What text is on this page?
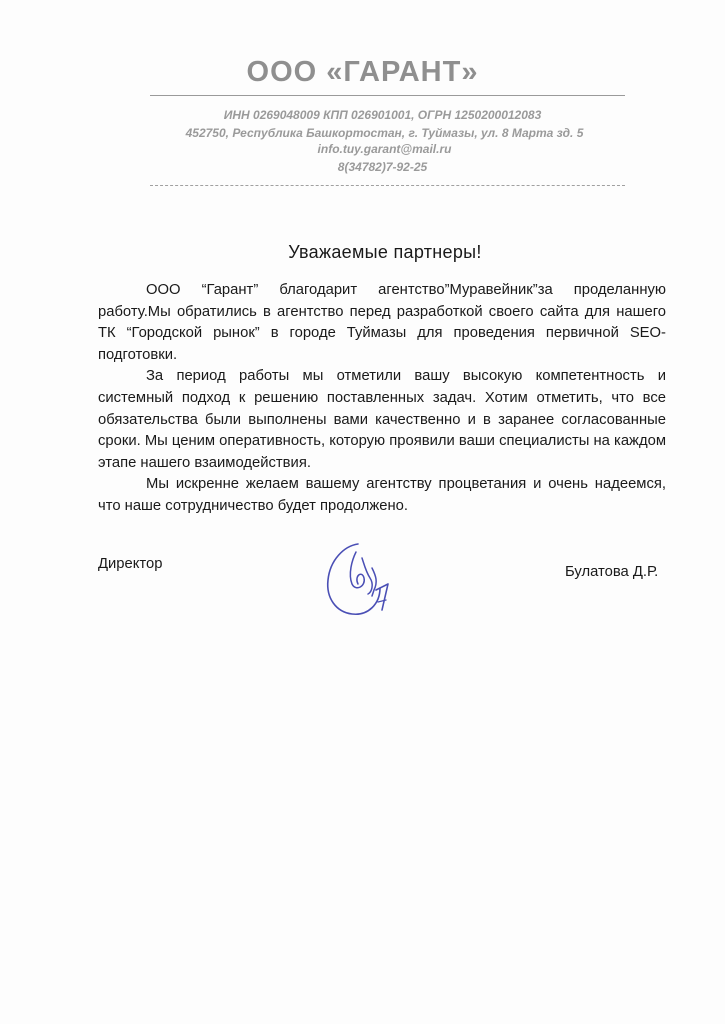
ООО «ГАРАНТ»
ИНН 0269048009 КПП 026901001, ОГРН 1250200012083
452750, Республика Башкортостан, г. Туймазы, ул. 8 Марта зд. 5
info.tuy.garant@mail.ru
8(34782)7-92-25
Уважаемые партнеры!

ООО “Гарант” благодарит агентство”Муравейник”за проделанную работу.Мы обратились в агентство перед разработкой своего сайта для нашего ТК “Городской рынок” в городе Туймазы для проведения первичной SEO-подготовки.

За период работы мы отметили вашу высокую компетентность и системный подход к решению поставленных задач. Хотим отметить, что все обязательства были выполнены вами качественно и в заранее согласованные сроки. Мы ценим оперативность, которую проявили ваши специалисты на каждом этапе нашего взаимодействия.

Мы искренне желаем вашему агентству процветания и очень надеемся, что наше сотрудничество будет продолжено.

Директор	Булатова Д.Р.
